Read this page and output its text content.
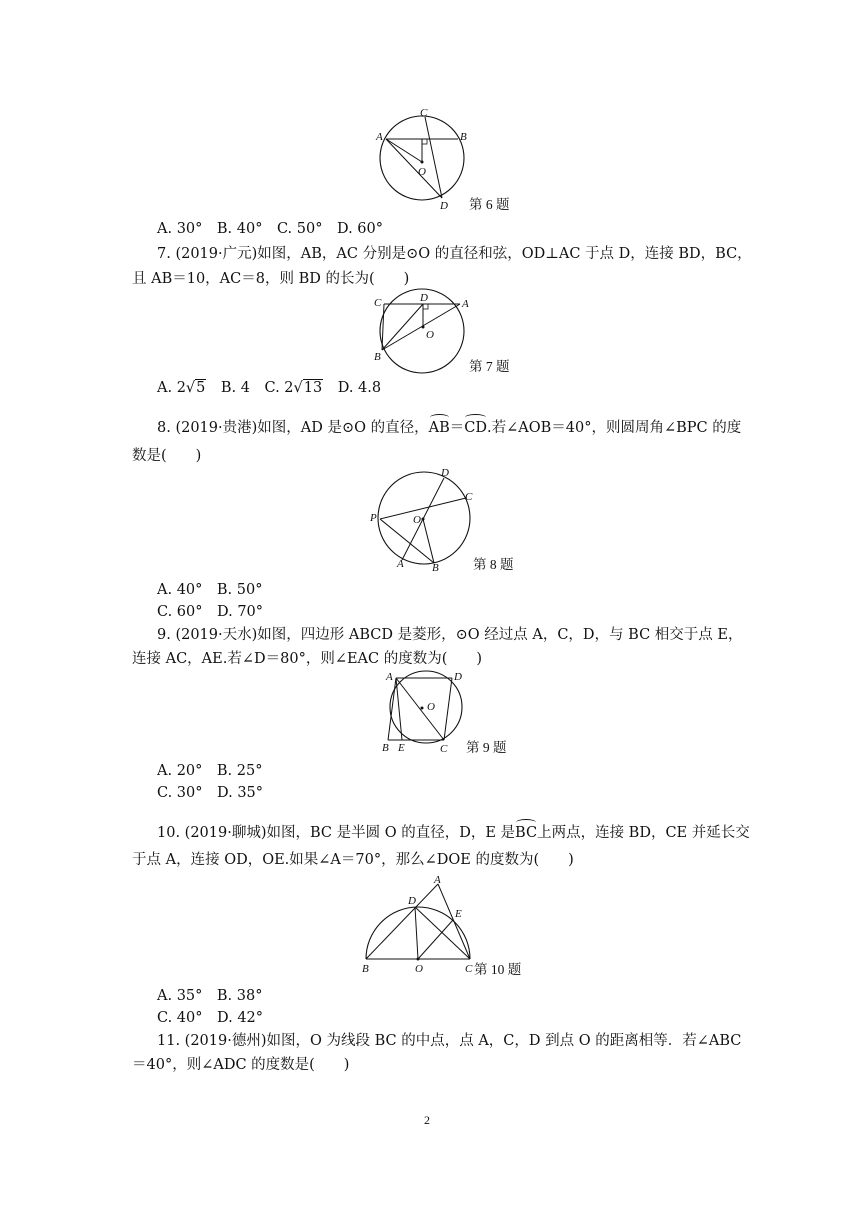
A	B
C
D
O
第 6 题
A. 30°　B. 40°　C. 50°　D. 60°
7. (2019·广元)如图，AB，AC 分别是⊙O 的直径和弦，OD⊥AC 于点 D，连接 BD，BC，
且 AB＝10，AC＝8，则 BD 的长为(　　)
C	A
D
O
B
第 7 题
A. 2√5　B. 4　C. 2√13　D. 4.8
8. (2019·贵港)如图，AD 是⊙O 的直径，AB＝CD.若∠AOB＝40°，则圆周角∠BPC 的度
数是(　　)
D
C
P	O
A	B	第 8 题
A. 40°　B. 50°
C. 60°　D. 70°
9. (2019·天水)如图，四边形 ABCD 是菱形，⊙O 经过点 A，C，D，与 BC 相交于点 E，
连接 AC，AE.若∠D＝80°，则∠EAC 的度数为(　　)
A	D
O
B E	C 第 9 题
A. 20°　B. 25°
C. 30°　D. 35°
10. (2019·聊城)如图，BC 是半圆 O 的直径，D，E 是BC上两点，连接 BD，CE 并延长交
于点 A，连接 OD，OE.如果∠A＝70°，那么∠DOE 的度数为(　　)
A
D
E
B	O	C 第 10 题
A. 35°　B. 38°
C. 40°　D. 42°
11. (2019·德州)如图，O 为线段 BC 的中点，点 A，C，D 到点 O 的距离相等．若∠ABC
＝40°，则∠ADC 的度数是(　　)
2
